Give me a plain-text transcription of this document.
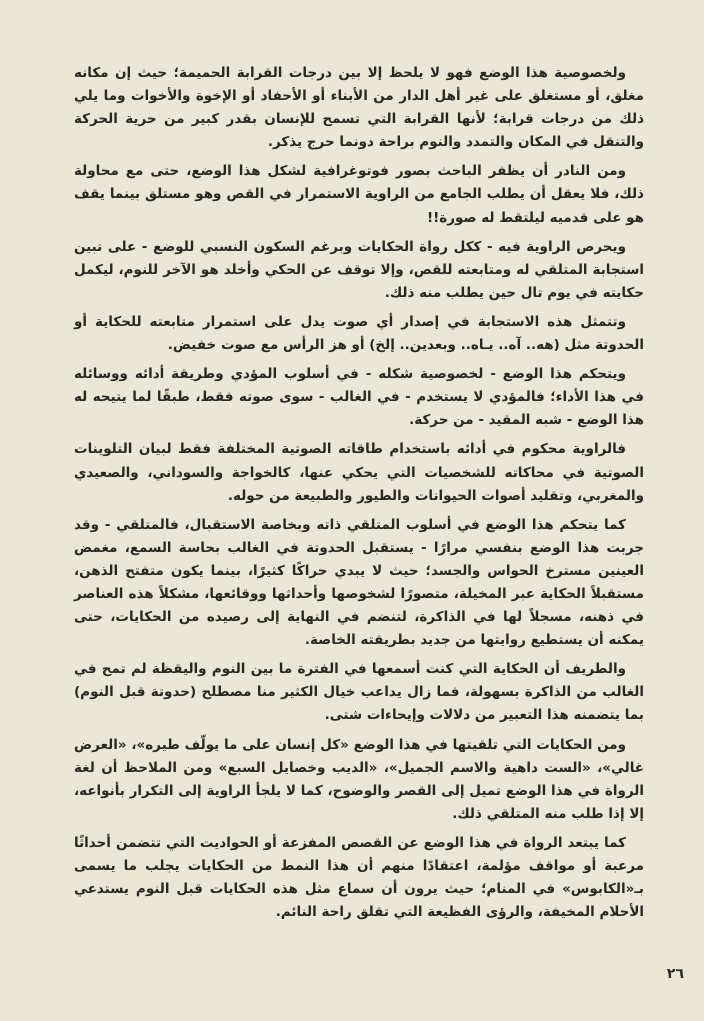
ولخصوصية هذا الوضع فهو لا يلحظ إلا بين درجات القرابة الحميمة؛ حيث إن مكانه مغلق، أو مستغلق على غير أهل الدار من الأبناء أو الأحفاد أو الإخوة والأخوات وما يلي ذلك من درجات قرابة؛ لأنها القرابة التي تسمح للإنسان بقدر كبير من حرية الحركة والتنقل في المكان والتمدد والنوم براحة دونما حرج يذكر.

ومن النادر أن يظفر الباحث بصور فوتوغرافية لشكل هذا الوضع، حتى مع محاولة ذلك، فلا يعقل أن يطلب الجامع من الراوية الاستمرار في القص وهو مستلق بينما يقف هو على قدميه ليلتقط له صورة!!

ويحرص الراوية فيه - ككل رواة الحكايات وبرغم السكون النسبي للوضع - على تبين استجابة المتلقي له ومتابعته للقص، وإلا توقف عن الحكي وأخلد هو الآخر للنوم، ليكمل حكايته في يوم تال حين يطلب منه ذلك.

وتتمثل هذه الاستجابة في إصدار أي صوت يدل على استمرار متابعته للحكاية أو الحدوتة مثل (هه.. آه.. يـاه.. وبعدين.. إلخ) أو هز الرأس مع صوت خفيض.

ويتحكم هذا الوضع - لخصوصية شكله - في أسلوب المؤدي وطريقة أدائه ووسائله في هذا الأداء؛ فالمؤدي لا يستخدم - في الغالب - سوى صوته فقط، طبقًا لما يتيحه له هذا الوضع - شبه المقيد - من حركة.

فالراوية محكوم في أدائه باستخدام طاقاته الصوتية المختلفة فقط لبيان التلوينات الصوتية في محاكاته للشخصيات التي يحكي عنها، كالخواجة والسوداني، والصعيدي والمغربي، وتقليد أصوات الحيوانات والطيور والطبيعة من حوله.

كما يتحكم هذا الوضع في أسلوب المتلقي ذاته وبخاصة الاستقبال، فالمتلقي - وقد جربت هذا الوضع بنفسي مرارًا - يستقبل الحدوتة في الغالب بحاسة السمع، مغمض العينين مسترخ الحواس والجسد؛ حيث لا يبدي حراكًا كثيرًا، بينما يكون متفتح الذهن، مستقبلاً الحكاية عبر المخيلة، متصورًا لشخوصها وأحداثها ووقائعها، مشكلاً هذه العناصر في ذهنه، مسجلاً لها في الذاكرة، لتنضم في النهاية إلى رصيده من الحكايات، حتى يمكنه أن يستطيع روايتها من جديد بطريقته الخاصة.

والطريف أن الحكاية التي كنت أسمعها في الفترة ما بين النوم واليقظة لم تمح في الغالب من الذاكرة بسهولة، فما زال يداعب خيال الكثير منا مصطلح (حدوتة قبل النوم) بما يتضمنه هذا التعبير من دلالات وإيحاءات شتى.

ومن الحكايات التي تلقيتها في هذا الوضع «كل إنسان على ما يولّف طيره»، «العرض غالي»، «الست داهية والاسم الجميل»، «الديب وخصايل السبع» ومن الملاحظ أن لغة الرواة في هذا الوضع تميل إلى القصر والوضوح، كما لا يلجأ الراوية إلى التكرار بأنواعه، إلا إذا طلب منه المتلقي ذلك.

كما يبتعد الرواة في هذا الوضع عن القصص المفزعة أو الحواديت التي تتضمن أحداثًا مرعبة أو مواقف مؤلمة، اعتقادًا منهم أن هذا النمط من الحكايات يجلب ما يسمى بـ«الكابوس» في المنام؛ حيث يرون أن سماع مثل هذه الحكايات قبل النوم يستدعي الأحلام المخيفة، والرؤى الفظيعة التي تقلق راحة النائم.

٢٦
